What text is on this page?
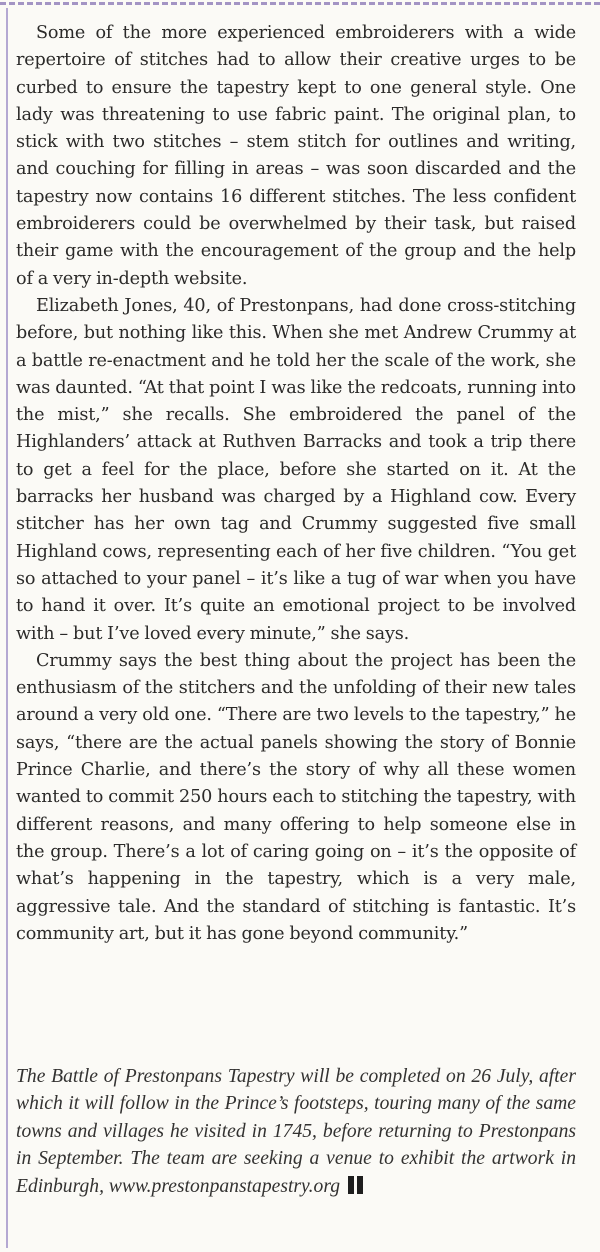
Some of the more experienced embroiderers with a wide repertoire of stitches had to allow their creative urges to be curbed to ensure the tapestry kept to one general style. One lady was threatening to use fabric paint. The original plan, to stick with two stitches – stem stitch for outlines and writing, and couching for filling in areas – was soon discarded and the tapestry now contains 16 different stitches. The less confident embroiderers could be overwhelmed by their task, but raised their game with the encouragement of the group and the help of a very in-depth website.

Elizabeth Jones, 40, of Prestonpans, had done cross-stitching before, but nothing like this. When she met Andrew Crummy at a battle re-enactment and he told her the scale of the work, she was daunted. “At that point I was like the redcoats, running into the mist,” she recalls. She embroidered the panel of the Highlanders’ attack at Ruthven Barracks and took a trip there to get a feel for the place, before she started on it. At the barracks her husband was charged by a Highland cow. Every stitcher has her own tag and Crummy suggested five small Highland cows, representing each of her five children. “You get so attached to your panel – it’s like a tug of war when you have to hand it over. It’s quite an emotional project to be involved with – but I’ve loved every minute,” she says.

Crummy says the best thing about the project has been the enthusiasm of the stitchers and the unfolding of their new tales around a very old one. “There are two levels to the tapestry,” he says, “there are the actual panels showing the story of Bonnie Prince Charlie, and there’s the story of why all these women wanted to commit 250 hours each to stitching the tapestry, with different reasons, and many offering to help someone else in the group. There’s a lot of caring going on – it’s the opposite of what’s happening in the tapestry, which is a very male, aggressive tale. And the standard of stitching is fantastic. It’s community art, but it has gone beyond community.”

The Battle of Prestonpans Tapestry will be completed on 26 July, after which it will follow in the Prince’s footsteps, touring many of the same towns and villages he visited in 1745, before returning to Prestonpans in September. The team are seeking a venue to exhibit the artwork in Edinburgh, www.prestonpanstapestry.org
